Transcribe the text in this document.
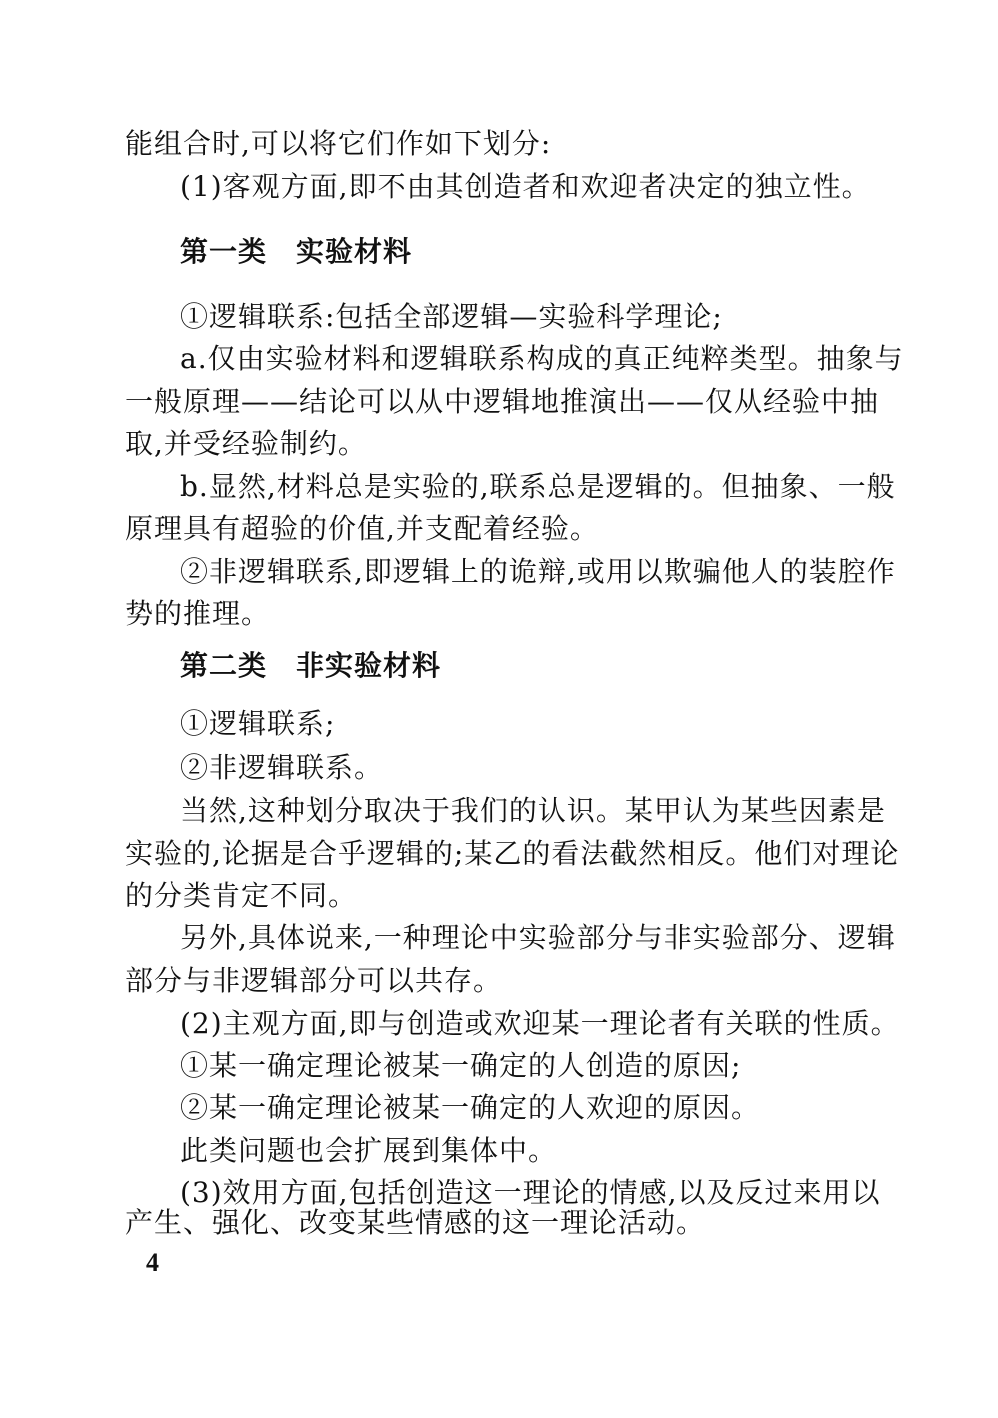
能组合时,可以将它们作如下划分:
(1)客观方面,即不由其创造者和欢迎者决定的独立性。
第一类　实验材料
①逻辑联系:包括全部逻辑—实验科学理论;
a.仅由实验材料和逻辑联系构成的真正纯粹类型。抽象与
一般原理——结论可以从中逻辑地推演出——仅从经验中抽
取,并受经验制约。
b.显然,材料总是实验的,联系总是逻辑的。但抽象、一般
原理具有超验的价值,并支配着经验。
②非逻辑联系,即逻辑上的诡辩,或用以欺骗他人的装腔作
势的推理。
第二类　非实验材料
①逻辑联系;
②非逻辑联系。
当然,这种划分取决于我们的认识。某甲认为某些因素是
实验的,论据是合乎逻辑的;某乙的看法截然相反。他们对理论
的分类肯定不同。
另外,具体说来,一种理论中实验部分与非实验部分、逻辑
部分与非逻辑部分可以共存。
(2)主观方面,即与创造或欢迎某一理论者有关联的性质。
①某一确定理论被某一确定的人创造的原因;
②某一确定理论被某一确定的人欢迎的原因。
此类问题也会扩展到集体中。
(3)效用方面,包括创造这一理论的情感,以及反过来用以
产生、强化、改变某些情感的这一理论活动。
4
